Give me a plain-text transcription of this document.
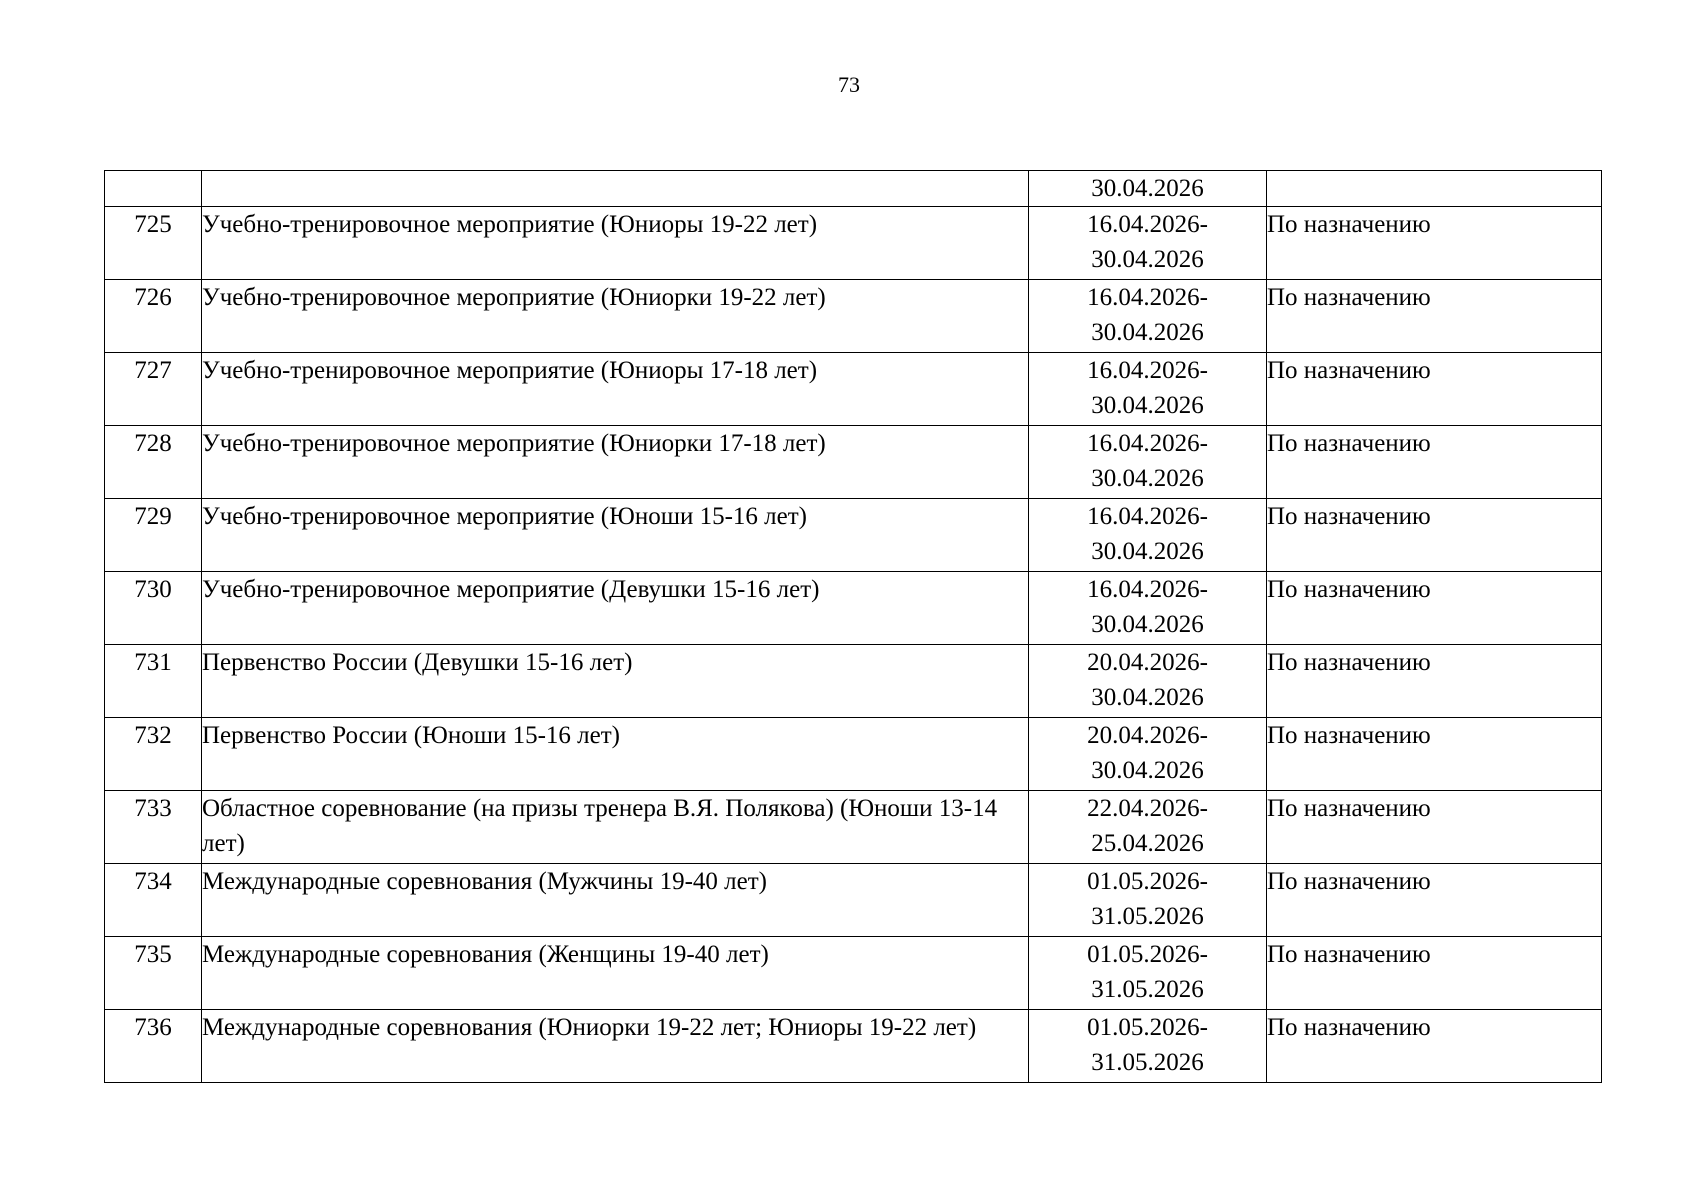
73
		30.04.2026	
725	Учебно-тренировочное мероприятие (Юниоры 19-22 лет)	16.04.2026-
30.04.2026	По назначению
726	Учебно-тренировочное мероприятие (Юниорки 19-22 лет)	16.04.2026-
30.04.2026	По назначению
727	Учебно-тренировочное мероприятие (Юниоры 17-18 лет)	16.04.2026-
30.04.2026	По назначению
728	Учебно-тренировочное мероприятие (Юниорки 17-18 лет)	16.04.2026-
30.04.2026	По назначению
729	Учебно-тренировочное мероприятие (Юноши 15-16 лет)	16.04.2026-
30.04.2026	По назначению
730	Учебно-тренировочное мероприятие (Девушки 15-16 лет)	16.04.2026-
30.04.2026	По назначению
731	Первенство России (Девушки 15-16 лет)	20.04.2026-
30.04.2026	По назначению
732	Первенство России (Юноши 15-16 лет)	20.04.2026-
30.04.2026	По назначению
733	Областное соревнование (на призы тренера В.Я. Полякова) (Юноши 13-14 лет)	22.04.2026-
25.04.2026	По назначению
734	Международные соревнования (Мужчины 19-40 лет)	01.05.2026-
31.05.2026	По назначению
735	Международные соревнования (Женщины 19-40 лет)	01.05.2026-
31.05.2026	По назначению
736	Международные соревнования (Юниорки 19-22 лет; Юниоры 19-22 лет)	01.05.2026-
31.05.2026	По назначению
